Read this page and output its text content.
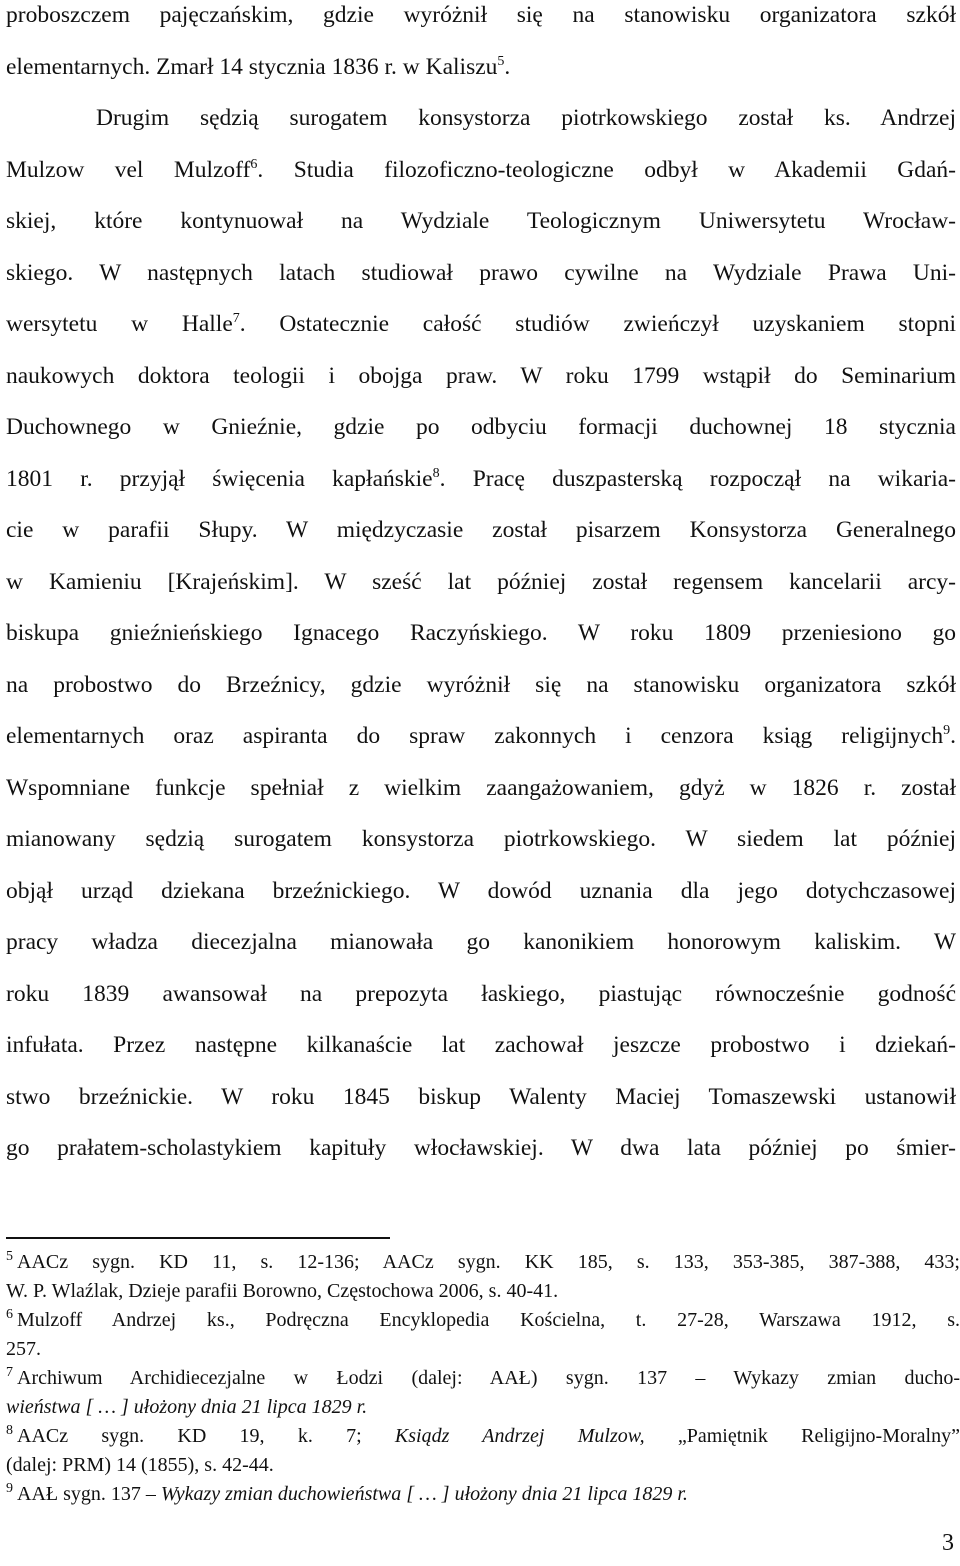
proboszczem pajęczańskim, gdzie wyróżnił się na stanowisku organizatora szkół
elementarnych. Zmarł 14 stycznia 1836 r. w Kaliszu$^5$.
Drugim sędzią surogatem konsystorza piotrkowskiego został ks. Andrzej
Mulzow vel Mulzoff$^6$. Studia filozoficzno-teologiczne odbył w Akademii Gdań-
skiej, które kontynuował na Wydziale Teologicznym Uniwersytetu Wrocław-
skiego. W następnych latach studiował prawo cywilne na Wydziale Prawa Uni-
wersytetu w Halle$^7$. Ostatecznie całość studiów zwieńczył uzyskaniem stopni
naukowych doktora teologii i obojga praw. W roku 1799 wstąpił do Seminarium
Duchownego w Gnieźnie, gdzie po odbyciu formacji duchownej 18 stycznia
1801 r. przyjął święcenia kapłańskie$^8$. Pracę duszpasterską rozpoczął na wikaria-
cie w parafii Słupy. W międzyczasie został pisarzem Konsystorza Generalnego
w Kamieniu [Krajeńskim]. W sześć lat później został regensem kancelarii arcy-
biskupa gnieźnieńskiego Ignacego Raczyńskiego. W roku 1809 przeniesiono go
na probostwo do Brzeźnicy, gdzie wyróżnił się na stanowisku organizatora szkół
elementarnych oraz aspiranta do spraw zakonnych i cenzora ksiąg religijnych$^9$.
Wspomniane funkcje spełniał z wielkim zaangażowaniem, gdyż w 1826 r. został
mianowany sędzią surogatem konsystorza piotrkowskiego. W siedem lat później
objął urząd dziekana brzeźnickiego. W dowód uznania dla jego dotychczasowej
pracy władza diecezjalna mianowała go kanonikiem honorowym kaliskim. W
roku 1839 awansował na prepozyta łaskiego, piastując równocześnie godność
infułata. Przez następne kilkanaście lat zachował jeszcze probostwo i dziekań-
stwo brzeźnickie. W roku 1845 biskup Walenty Maciej Tomaszewski ustanowił
go prałatem-scholastykiem kapituły włocławskiej. W dwa lata później po śmier-
$^5$ AACz sygn. KD 11, s. 12-136; AACz sygn. KK 185, s. 133, 353-385, 387-388, 433;
W. P. Wlaźlak, Dzieje parafii Borowno, Częstochowa 2006, s. 40-41.
$^6$ Mulzoff Andrzej ks., Podręczna Encyklopedia Kościelna, t. 27-28, Warszawa 1912, s.
257.
$^7$ Archiwum Archidiecezjalne w Łodzi (dalej: AAŁ) sygn. 137 – Wykazy zmian ducho-
wieństwa [ … ] ułożony dnia 21 lipca 1829 r.
$^8$ AACz sygn. KD 19, k. 7; Ksiądz Andrzej Mulzow, „Pamiętnik Religijno-Moralny”
(dalej: PRM) 14 (1855), s. 42-44.
$^9$ AAŁ sygn. 137 – Wykazy zmian duchowieństwa [ … ] ułożony dnia 21 lipca 1829 r.
3
